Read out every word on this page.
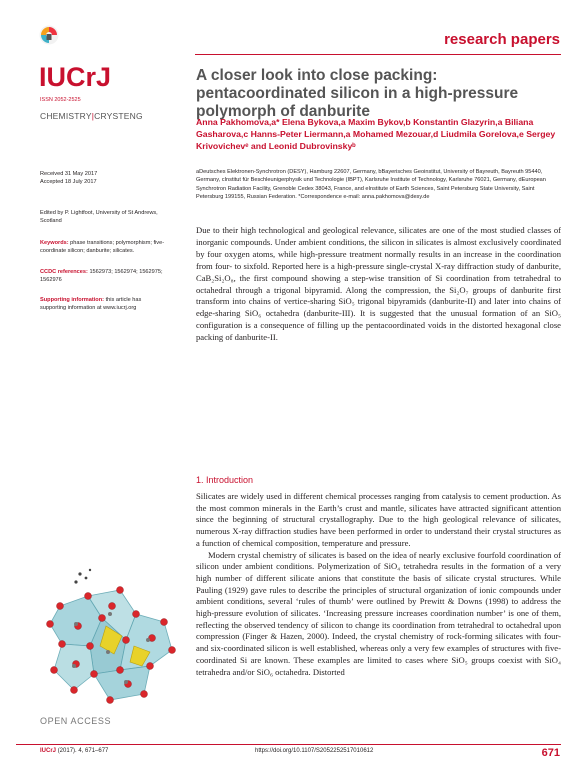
research papers
IUCrJ
ISSN 2052-2525
CHEMISTRY|CRYSTENG
A closer look into close packing: pentacoordinated silicon in a high-pressure polymorph of danburite
Anna Pakhomova,a* Elena Bykova,a Maxim Bykov,b Konstantin Glazyrin,a Biliana Gasharova,c Hanns-Peter Liermann,a Mohamed Mezouar,d Liudmila Gorelova,e Sergey Krivovichevᵉ and Leonid Dubrovinskyᵇ
aDeutsches Elektronen-Synchrotron (DESY), Hamburg 22607, Germany, bBayerisches Geoinstitut, University of Bayreuth, Bayreuth 95440, Germany, cInstitut für Beschleunigerphysik und Technologie (IBPT), Karlsruhe Institute of Technology, Karlsruhe 76021, Germany, dEuropean Synchrotron Radiation Facility, Grenoble Cedex 38043, France, and eInstitute of Earth Sciences, Saint Petersburg State University, Saint Petersburg 199155, Russian Federation. *Correspondence e-mail: anna.pakhomova@desy.de
Received 31 May 2017
Accepted 18 July 2017
Edited by P. Lightfoot, University of St Andrews, Scotland
Keywords: phase transitions; polymorphism; five-coordinate silicon; danburite; silicates.
CCDC references: 1562973; 1562974; 1562975; 1562976
Supporting information: this article has supporting information at www.iucrj.org
Due to their high technological and geological relevance, silicates are one of the most studied classes of inorganic compounds. Under ambient conditions, the silicon in silicates is almost exclusively coordinated by four oxygen atoms, while high-pressure treatment normally results in an increase in the coordination from four- to sixfold. Reported here is a high-pressure single-crystal X-ray diffraction study of danburite, CaB₂Si₂O₈, the first compound showing a step-wise transition of Si coordination from tetrahedral to octahedral through a trigonal bipyramid. Along the compression, the Si₂O₇ groups of danburite first transform into chains of vertice-sharing SiO₅ trigonal bipyramids (danburite-II) and later into chains of edge-sharing SiO₆ octahedra (danburite-III). It is suggested that the unusual formation of an SiO₅ configuration is a consequence of filling up the pentacoordinated voids in the distorted hexagonal close packing of danburite-II.
1. Introduction

Silicates are widely used in different chemical processes ranging from catalysis to cement production. As the most common minerals in the Earth’s crust and mantle, silicates have attracted significant attention since the beginning of structural crystallography. Due to the high geological relevance of silicates, numerous X-ray diffraction studies have been performed in order to understand their crystal structures as a function of chemical composition, temperature and pressure.

Modern crystal chemistry of silicates is based on the idea of nearly exclusive fourfold coordination of silicon under ambient conditions. Polymerization of SiO₄ tetrahedra results in the formation of a very high number of different silicate anions that constitute the basis of silicate crystal structures. While Pauling (1929) gave rules to describe the principles of structural organization of ionic compounds under ambient conditions, several ‘rules of thumb’ were outlined by Prewitt & Downs (1998) to address the high-pressure evolution of silicates. ‘Increasing pressure increases coordination number’ is one of them, reflecting the observed tendency of silicon to change its coordination from tetrahedral to octahedral upon compression (Finger & Hazen, 2000). Indeed, the crystal chemistry of rock-forming silicates with four- and six-coordinated silicon is well established, whereas only a very few examples of structures with five-coordinated Si are known. These examples are limited to cases where SiO₅ groups coexist with SiO₄ tetrahedra and/or SiO₆ octahedra. Distorted

OPEN ACCESS
IUCrJ (2017). 4, 671–677	https://doi.org/10.1107/S2052252517010612	671
